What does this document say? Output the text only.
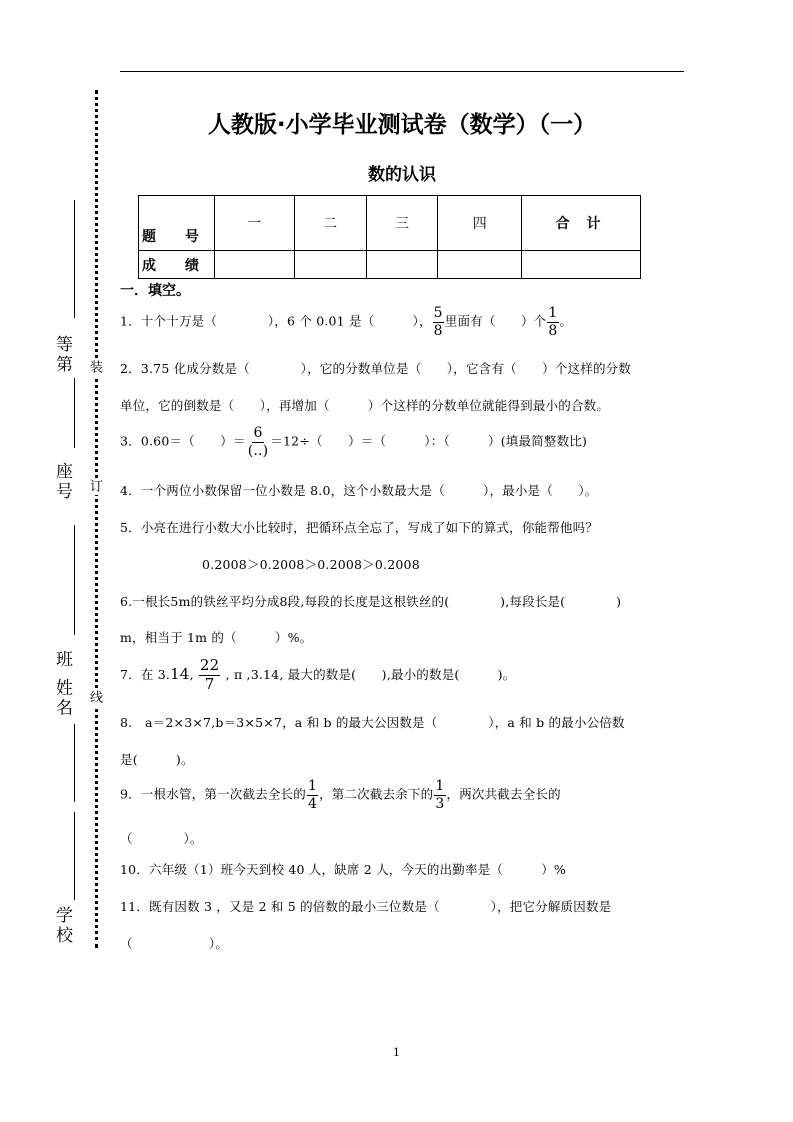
等第
座号
班 姓名
学校
装
订
线
人教版·小学毕业测试卷（数学）（一）
数的认识
题 号	一	二	三	四	合 计
成 绩					
一．填空。
1．十个十万是（　　　　），6 个 0.01 是（　　　）， $\frac{5}{8}$ 里面有（　　）个 $\frac{1}{8}$ 。
2．3.75 化成分数是（　　　　），它的分数单位是（　　），它含有（　　）个这样的分数
单位，它的倒数是（　　），再增加（　　　）个这样的分数单位就能得到最小的合数。
3．0.60＝（　　）＝ $\frac{6}{(..)} =12\div$（　　）＝（　　　）：（　　　）(填最简整数比)
4．一个两位小数保留一位小数是 8.0，这个小数最大是（　　　），最小是（　　）。
5．小亮在进行小数大小比较时，把循环点全忘了，写成了如下的算式，你能帮他吗？
0.2008＞0.2008＞0.2008＞0.2008
6.一根长5m的铁丝平均分成8段,每段的长度是这根铁丝的(　　　　),每段长是(　　　　)
m，相当于 1m 的（　　　）%。
7．在 3.14, $\frac{22}{7}$ , π ,3.14, 最大的数是(　　),最小的数是(　　　)。
8.　a＝2×3×7,b＝3×5×7，a 和 b 的最大公因数是（　　　　），a 和 b 的最小公倍数
是(　　　)。
9．一根水管，第一次截去全长的 $\frac{1}{4}$ ，第二次截去余下的 $\frac{1}{3}$ ，两次共截去全长的
（　　　　）。
10．六年级（1）班今天到校 40 人，缺席 2 人，今天的出勤率是（　　　）%
11．既有因数 3 ，又是 2 和 5 的倍数的最小三位数是（　　　　），把它分解质因数是
（　　　　　　）。
1
